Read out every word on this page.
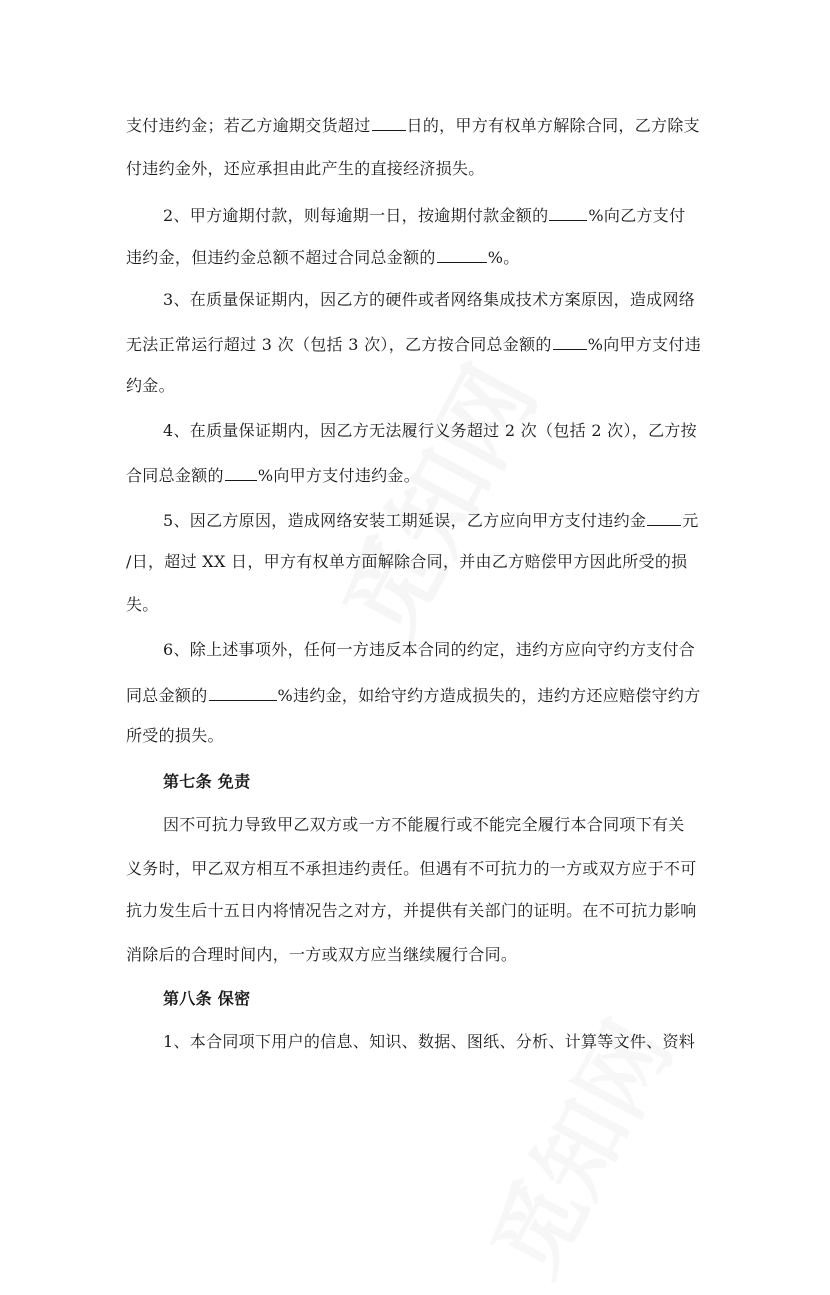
支付违约金；若乙方逾期交货超过 日的，甲方有权单方解除合同，乙方除支
付违约金外，还应承担由此产生的直接经济损失。
2、甲方逾期付款，则每逾期一日，按逾期付款金额的	%向乙方支付
违约金，但违约金总额不超过合同总金额的	%。
3、在质量保证期内，因乙方的硬件或者网络集成技术方案原因，造成网络
无法正常运行超过 3 次（包括 3 次），乙方按合同总金额的 %向甲方支付违
约金。
4、在质量保证期内，因乙方无法履行义务超过 2 次（包括 2 次），乙方按
合同总金额的 %向甲方支付违约金。
5、因乙方原因，造成网络安装工期延误，乙方应向甲方支付违约金 元
/日，超过 XX 日，甲方有权单方面解除合同，并由乙方赔偿甲方因此所受的损
失。
6、除上述事项外，任何一方违反本合同的约定，违约方应向守约方支付合
同总金额的	%违约金，如给守约方造成损失的，违约方还应赔偿守约方
所受的损失。
第七条 免责
因不可抗力导致甲乙双方或一方不能履行或不能完全履行本合同项下有关
义务时，甲乙双方相互不承担违约责任。但遇有不可抗力的一方或双方应于不可
抗力发生后十五日内将情况告之对方，并提供有关部门的证明。在不可抗力影响
消除后的合理时间内，一方或双方应当继续履行合同。
第八条 保密
1、本合同项下用户的信息、知识、数据、图纸、分析、计算等文件、资料
